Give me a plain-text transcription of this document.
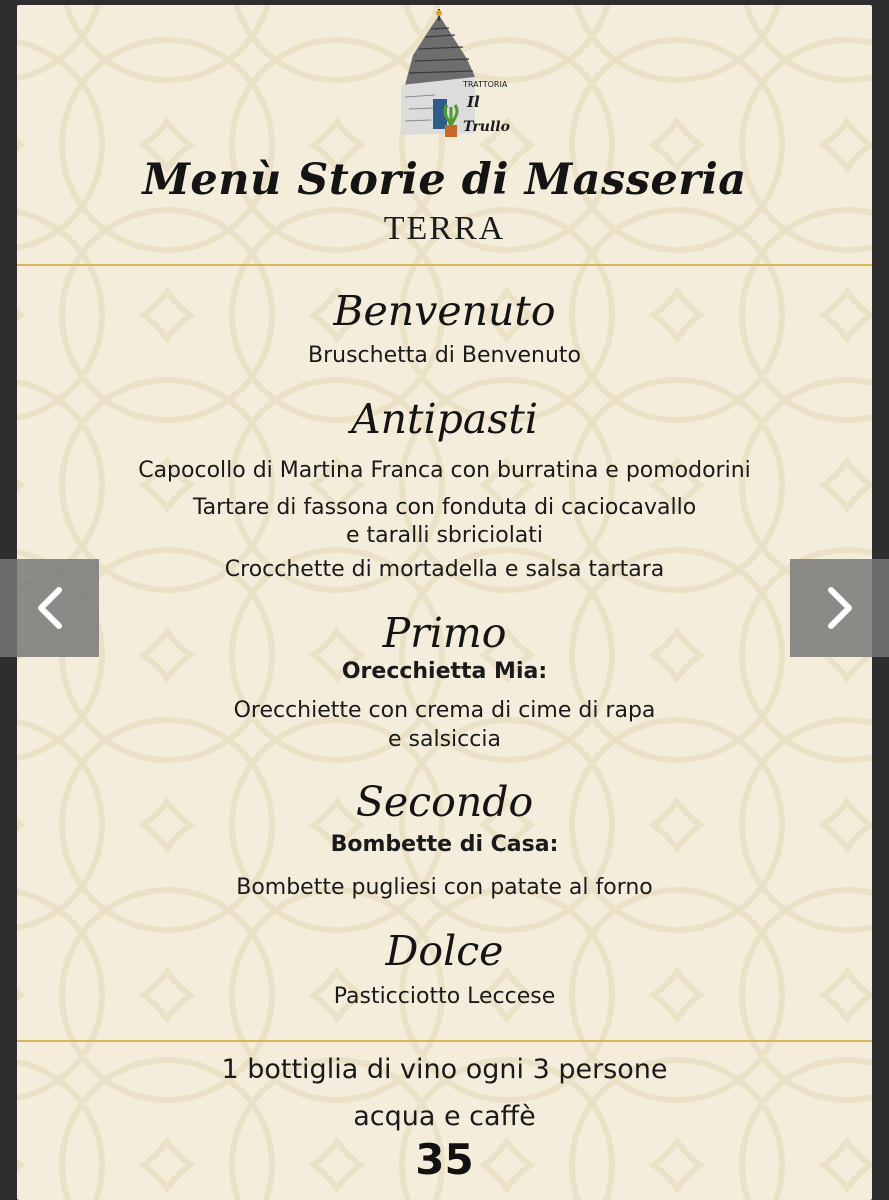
TRATTORIA
Il
Trullo
Menù Storie di Masseria
TERRA
Benvenuto
Bruschetta di Benvenuto
Antipasti
Capocollo di Martina Franca con burratina e pomodorini
Tartare di fassona con fonduta di caciocavallo
e taralli sbriciolati
Crocchette di mortadella e salsa tartara
Primo
Orecchietta Mia:
Orecchiette con crema di cime di rapa
e salsiccia
Secondo
Bombette di Casa:
Bombette pugliesi con patate al forno
Dolce
Pasticciotto Leccese
1 bottiglia di vino ogni 3 persone
acqua e caffè
35
